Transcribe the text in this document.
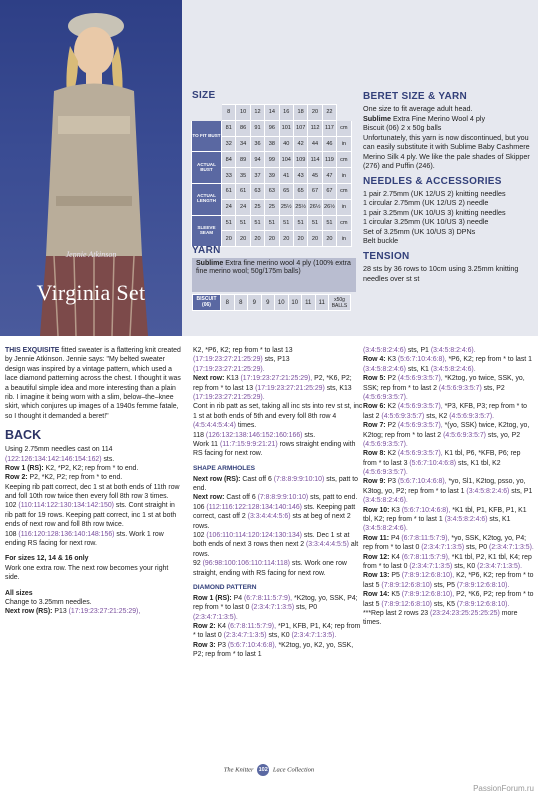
Jennie Atkinson
Virginia Set
SIZE
	8	10	12	14	16	18	20	22	
TO FIT BUST	81	86	91	96	101	107	112	117	cm
	32	34	36	38	40	42	44	46	in
ACTUAL BUST	84	89	94	99	104	109	114	119	cm
	33	35	37	39	41	43	45	47	in
ACTUAL LENGTH	61	61	63	63	65	65	67	67	cm
	24	24	25	25	25½	25½	26½	26½	in
SLEEVE SEAM	51	51	51	51	51	51	51	51	cm
	20	20	20	20	20	20	20	20	in
YARN
Sublime Extra fine merino wool 4 ply (100% extra fine merino wool; 50g/175m balls)
BISCUIT (06)	8	8	9	9	10	10	11	11	x50g BALLS
BERET SIZE & YARN

One size to fit average adult head.

Sublime Extra Fine Merino Wool 4 ply

Biscuit (06) 2 x 50g balls

Unfortunately, this yarn is now discontinued, but you can easily substitute it with Sublime Baby Cashmere Merino Silk 4 ply. We like the pale shades of Skipper (276) and Puffin (246).

NEEDLES & ACCESSORIES

1 pair 2.75mm (UK 12/US 2) knitting needles

1 circular 2.75mm (UK 12/US 2) needle

1 pair 3.25mm (UK 10/US 3) knitting needles

1 circular 3.25mm (UK 10/US 3) needle

Set of 3.25mm (UK 10/US 3) DPNs

Belt buckle

TENSION

28 sts by 36 rows to 10cm using 3.25mm knitting needles over st st

THIS EXQUISITE fitted sweater is a flattering knit created by Jennie Atkinson. Jennie says: "My belted sweater design was inspired by a vintage pattern, which used a lace diamond patterning across the chest. I thought it was a beautiful simple idea and more interesting than a plain rib. I imagine it being worn with a slim, below–the–knee skirt, which conjures up images of a 1940s femme fatale, so I thought it demanded a beret!"

BACK

Using 2.75mm needles cast on 114 (122:126:134:142:146:154:162) sts.

Row 1 (RS): K2, *P2, K2; rep from * to end.

Row 2: P2, *K2, P2; rep from * to end.

Keeping rib patt correct, dec 1 st at both ends of 11th row and foll 10th row twice then every foll 8th row 3 times.

102 (110:114:122:130:134:142:150) sts. Cont straight in rib patt for 19 rows. Keeping patt correct, inc 1 st at both ends of next row and foll 8th row twice.

108 (116:120:128:136:140:148:156) sts. Work 1 row ending RS facing for next row.

For sizes 12, 14 & 16 only

Work one extra row. The next row becomes your right side.

All sizes

Change to 3.25mm needles.

Next row (RS): P13 (17:19:23:27:21:25:29),

K2, *P6, K2; rep from * to last 13 (17:19:23:27:21:25:29) sts, P13 (17:19:23:27:21:25:29).

Next row: K13 (17:19:23:27:21:25:29), P2, *K6, P2; rep from * to last 13 (17:19:23:27:21:25:29) sts, K13 (17:19:23:27:21:25:29).

Cont in rib patt as set, taking all inc sts into rev st st, inc 1 st at both ends of 5th and every foll 8th row 4 (4:5:4:4:5:4:4) times.

118 (126:132:138:146:152:160:166) sts.

Work 11 (11:7:15:9:9:21:21) rows straight ending with RS facing for next row.

SHAPE ARMHOLES

Next row (RS): Cast off 6 (7:8:8:9:9:10:10) sts, patt to end.

Next row: Cast off 6 (7:8:8:9:9:10:10) sts, patt to end.

106 (112:116:122:128:134:140:146) sts. Keeping patt correct, cast off 2 (3:3:4:4:4:5:6) sts at beg of next 2 rows.

102 (106:110:114:120:124:130:134) sts. Dec 1 st at both ends of next 3 rows then next 2 (3:3:4:4:4:5:5) alt rows.

92 (96:98:100:106:110:114:118) sts. Work one row straight, ending with RS facing for next row.

DIAMOND PATTERN

Row 1 (RS): P4 (6:7:8:11:5:7:9), *K2tog, yo, SSK, P4; rep from * to last 0 (2:3:4:7:1:3:5) sts, P0 (2:3:4:7:1:3:5).

Row 2: K4 (6:7:8:11:5:7:9), *P1, KFB, P1, K4; rep from * to last 0 (2:3:4:7:1:3:5) sts, K0 (2:3:4:7:1:3:5).

Row 3: P3 (5:6:7:10:4:6:8), *K2tog, yo, K2, yo, SSK, P2; rep from * to last 1

(3:4:5:8:2:4:6) sts, P1 (3:4:5:8:2:4:6).

Row 4: K3 (5:6:7:10:4:6:8), *P6, K2; rep from * to last 1 (3:4:5:8:2:4:6) sts, K1 (3:4:5:8:2:4:6).

Row 5: P2 (4:5:6:9:3:5:7), *K2tog, yo twice, SSK, yo, SSK; rep from * to last 2 (4:5:6:9:3:5:7) sts, P2 (4:5:6:9:3:5:7).

Row 6: K2 (4:5:6:9:3:5:7), *P3, KFB, P3; rep from * to last 2 (4:5:6:9:3:5:7) sts, K2 (4:5:6:9:3:5:7).

Row 7: P2 (4:5:6:9:3:5:7), *(yo, SSK) twice, K2tog, yo, K2tog; rep from * to last 2 (4:5:6:9:3:5:7) sts, yo, P2 (4:5:6:9:3:5:7).

Row 8: K2 (4:5:6:9:3:5:7), K1 tbl, P6, *KFB, P6; rep from * to last 3 (5:6:7:10:4:6:8) sts, K1 tbl, K2 (4:5:6:9:3:5:7).

Row 9: P3 (5:6:7:10:4:6:8), *yo, Sl1, K2tog, psso, yo, K3tog, yo, P2; rep from * to last 1 (3:4:5:8:2:4:6) sts, P1 (3:4:5:8:2:4:6).

Row 10: K3 (5:6:7:10:4:6:8), *K1 tbl, P1, KFB, P1, K1 tbl, K2; rep from * to last 1 (3:4:5:8:2:4:6) sts, K1 (3:4:5:8:2:4:6).

Row 11: P4 (6:7:8:11:5:7:9), *yo, SSK, K2tog, yo, P4; rep from * to last 0 (2:3:4:7:1:3:5) sts, P0 (2:3:4:7:1:3:5).

Row 12: K4 (6:7:8:11:5:7:9), *K1 tbl, P2, K1 tbl, K4; rep from * to last 0 (2:3:4:7:1:3:5) sts, K0 (2:3:4:7:1:3:5).

Row 13: P5 (7:8:9:12:6:8:10), K2, *P6, K2; rep from * to last 5 (7:8:9:12:6:8:10) sts, P5 (7:8:9:12:6:8:10).

Row 14: K5 (7:8:9:12:6:8:10), P2, *K6, P2; rep from * to last 5 (7:8:9:12:6:8:10) sts, K5 (7:8:9:12:6:8:10).

***Rep last 2 rows 23 (23:24:23:25:25:25:25) more times.

The Knitter 102 Lace Collection
PassionForum.ru
